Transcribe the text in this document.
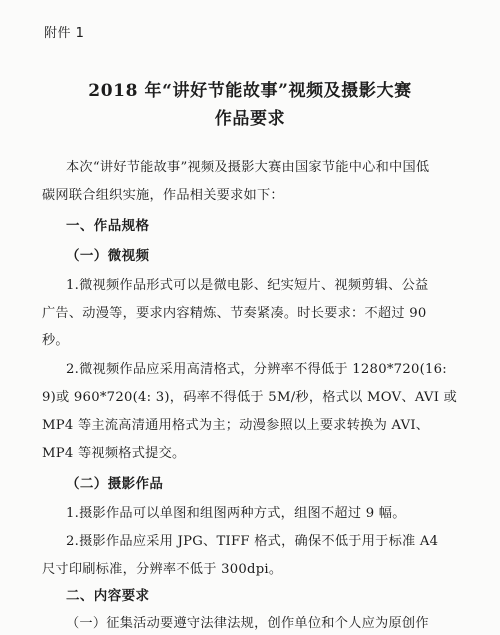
附件 1
2018 年“讲好节能故事”视频及摄影大赛
作品要求
本次“讲好节能故事”视频及摄影大赛由国家节能中心和中国低
碳网联合组织实施，作品相关要求如下：
一、作品规格
（一）微视频
1.微视频作品形式可以是微电影、纪实短片、视频剪辑、公益
广告、动漫等，要求内容精炼、节奏紧凑。时长要求：不超过 90
秒。
2.微视频作品应采用高清格式，分辨率不得低于 1280*720(16:
9)或 960*720(4: 3)，码率不得低于 5M/秒，格式以 MOV、AVI 或
MP4 等主流高清通用格式为主；动漫参照以上要求转换为 AVI、
MP4 等视频格式提交。
（二）摄影作品
1.摄影作品可以单图和组图两种方式，组图不超过 9 幅。
2.摄影作品应采用 JPG、TIFF 格式，确保不低于用于标准 A4
尺寸印刷标准，分辨率不低于 300dpi。
二、内容要求
（一）征集活动要遵守法律法规，创作单位和个人应为原创作
